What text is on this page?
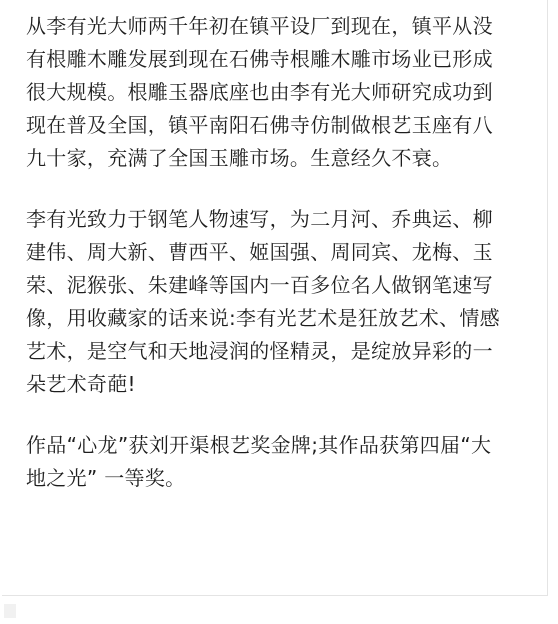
从李有光大师两千年初在镇平设厂到现在，镇平从没
有根雕木雕发展到现在石佛寺根雕木雕市场业已形成
很大规模。根雕玉器底座也由李有光大师研究成功到
现在普及全国，镇平南阳石佛寺仿制做根艺玉座有八
九十家，充满了全国玉雕市场。生意经久不衰。

李有光致力于钢笔人物速写，为二月河、乔典运、柳
建伟、周大新、曹西平、姬国强、周同宾、龙梅、玉
荣、泥猴张、朱建峰等国内一百多位名人做钢笔速写
像，用收藏家的话来说:李有光艺术是狂放艺术、情感
艺术，是空气和天地浸润的怪精灵，是绽放异彩的一
朵艺术奇葩!

作品“心龙”获刘开渠根艺奖金牌;其作品获第四届“大
地之光” 一等奖。
